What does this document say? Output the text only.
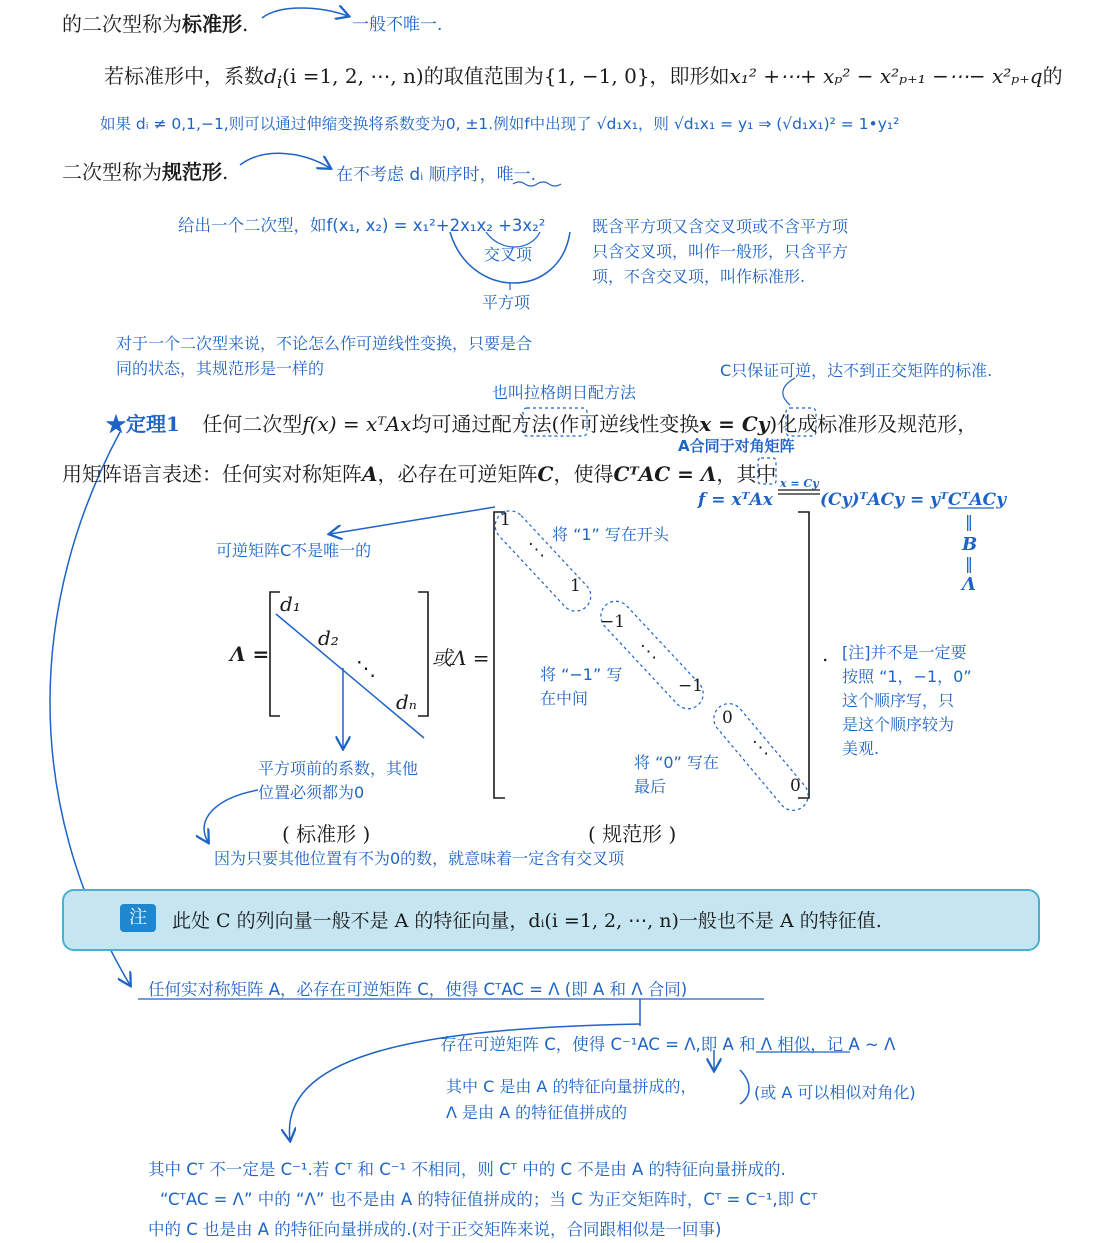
的二次型称为标准形.	一般不唯一.
若标准形中，系数$d_i(i =1$, 2, ⋯, n)的取值范围为{1, −1, 0}，即形如x₁² +⋯+ xₚ² − x²ₚ₊₁ −⋯− x²ₚ₊q的
如果 dᵢ ≠ 0,1,−1,则可以通过伸缩变换将系数变为0, ±1.例如f中出现了 √d₁x₁，则 √d₁x₁ = y₁ ⇒ (√d₁x₁)² = 1•y₁²
二次型称为规范形.	在不考虑 dᵢ 顺序时，唯一.
给出一个二次型，如f(x₁, x₂) = x₁²+2x₁x₂ +3x₂²
交叉项
平方项
既含平方项又含交叉项或不含平方项
只含交叉项，叫作一般形，只含平方
项，不含交叉项，叫作标准形.
对于一个二次型来说，不论怎么作可逆线性变换，只要是合
同的状态，其规范形是一样的	C只保证可逆，达不到正交矩阵的标准.
也叫拉格朗日配方法
★定理1 任何二次型f(x) = xᵀAx均可通过配方法(作可逆线性变换x = Cy)化成标准形及规范形，
A合同于对角矩阵
用矩阵语言表述：任何实对称矩阵A，必存在可逆矩阵C，使得CᵀAC = Λ，其中
f = xᵀAx
x = Cy
(Cy)ᵀACy = yᵀCᵀACy
‖
B
‖
Λ
可逆矩阵C不是唯一的
Λ =
d₁
d₂
⋱
dₙ
或Λ =
1
⋱
1
−1
⋱
−1
0
⋱
0
将 “1” 写在开头
将 “−1” 写
在中间
将 “0” 写在
最后
. [注]并不是一定要
按照 “1，−1，0”
这个顺序写，只
是这个顺序较为
美观.
平方项前的系数，其他
位置必须都为0
( 标准形 )	( 规范形 )
因为只要其他位置有不为0的数，就意味着一定含有交叉项
注	此处 C 的列向量一般不是 A 的特征向量，dᵢ(i =1, 2, ⋯, n)一般也不是 A 的特征值.
任何实对称矩阵 A，必存在可逆矩阵 C，使得 CᵀAC = Λ (即 A 和 Λ 合同)
存在可逆矩阵 C，使得 C⁻¹AC = Λ,即 A 和 Λ 相似，记 A ~ Λ
其中 C 是由 A 的特征向量拼成的，
Λ 是由 A 的特征值拼成的
(或 A 可以相似对角化)
其中 Cᵀ 不一定是 C⁻¹.若 Cᵀ 和 C⁻¹ 不相同，则 Cᵀ 中的 C 不是由 A 的特征向量拼成的.
“CᵀAC = Λ” 中的 “Λ” 也不是由 A 的特征值拼成的；当 C 为正交矩阵时，Cᵀ = C⁻¹,即 Cᵀ
中的 C 也是由 A 的特征向量拼成的.(对于正交矩阵来说，合同跟相似是一回事)
